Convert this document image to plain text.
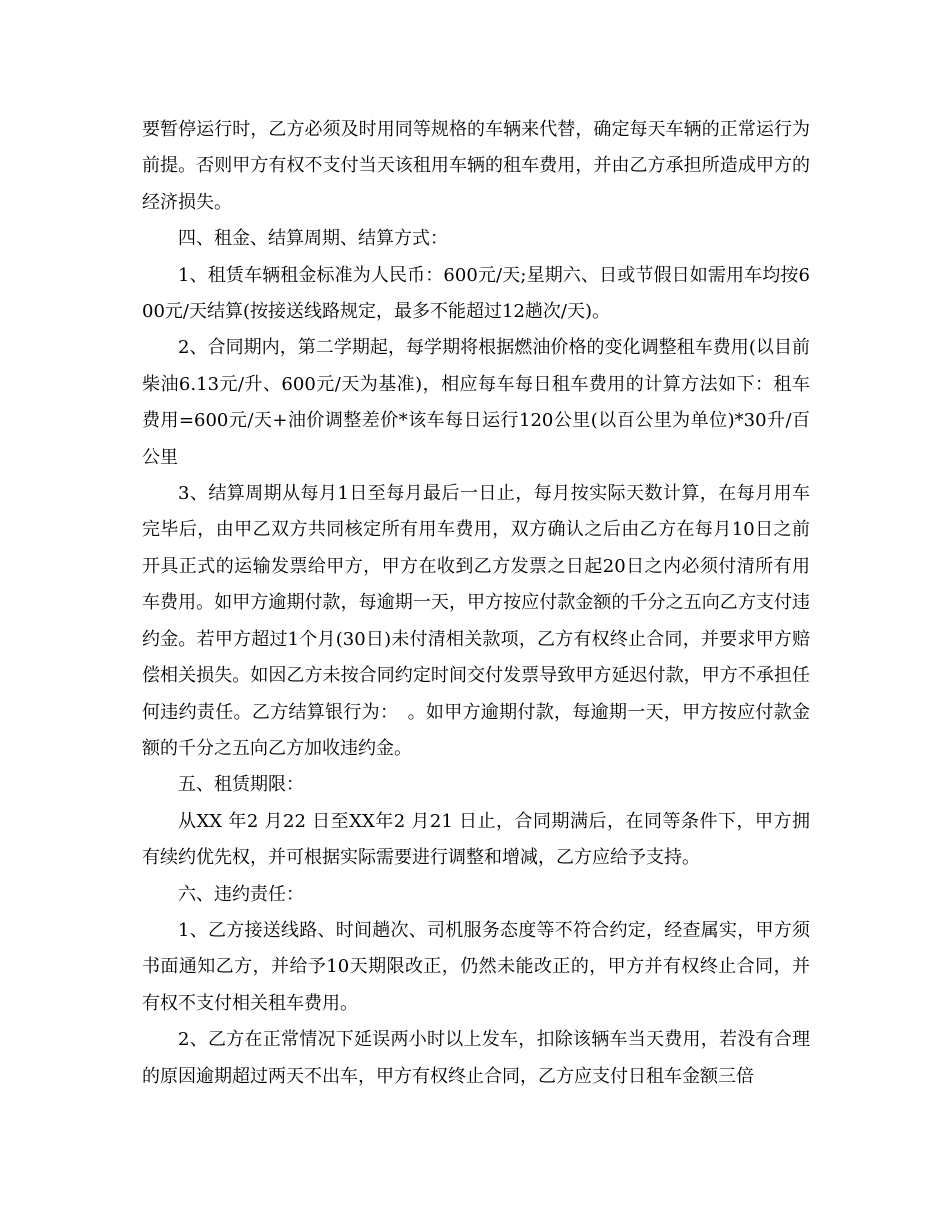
要暂停运行时，乙方必须及时用同等规格的车辆来代替，确定每天车辆的正常运行为前提。否则甲方有权不支付当天该租用车辆的租车费用，并由乙方承担所造成甲方的经济损失。

四、租金、结算周期、结算方式：

1、租赁车辆租金标准为人民币：600元/天;星期六、日或节假日如需用车均按600元/天结算(按接送线路规定，最多不能超过12趟次/天)。

2、合同期内，第二学期起，每学期将根据燃油价格的变化调整租车费用(以目前柴油6.13元/升、600元/天为基准)，相应每车每日租车费用的计算方法如下：租车费用=600元/天+油价调整差价*该车每日运行120公里(以百公里为单位)*30升/百公里

3、结算周期从每月1日至每月最后一日止，每月按实际天数计算，在每月用车完毕后，由甲乙双方共同核定所有用车费用，双方确认之后由乙方在每月10日之前开具正式的运输发票给甲方，甲方在收到乙方发票之日起20日之内必须付清所有用车费用。如甲方逾期付款，每逾期一天，甲方按应付款金额的千分之五向乙方支付违约金。若甲方超过1个月(30日)未付清相关款项，乙方有权终止合同，并要求甲方赔偿相关损失。如因乙方未按合同约定时间交付发票导致甲方延迟付款，甲方不承担任何违约责任。乙方结算银行为：　。如甲方逾期付款，每逾期一天，甲方按应付款金额的千分之五向乙方加收违约金。

五、租赁期限：

从XX 年2 月22 日至XX年2 月21 日止，合同期满后，在同等条件下，甲方拥有续约优先权，并可根据实际需要进行调整和增减，乙方应给予支持。

六、违约责任：

1、乙方接送线路、时间趟次、司机服务态度等不符合约定，经查属实，甲方须书面通知乙方，并给予10天期限改正，仍然未能改正的，甲方并有权终止合同，并有权不支付相关租车费用。

2、乙方在正常情况下延误两小时以上发车，扣除该辆车当天费用，若没有合理的原因逾期超过两天不出车，甲方有权终止合同，乙方应支付日租车金额三倍
